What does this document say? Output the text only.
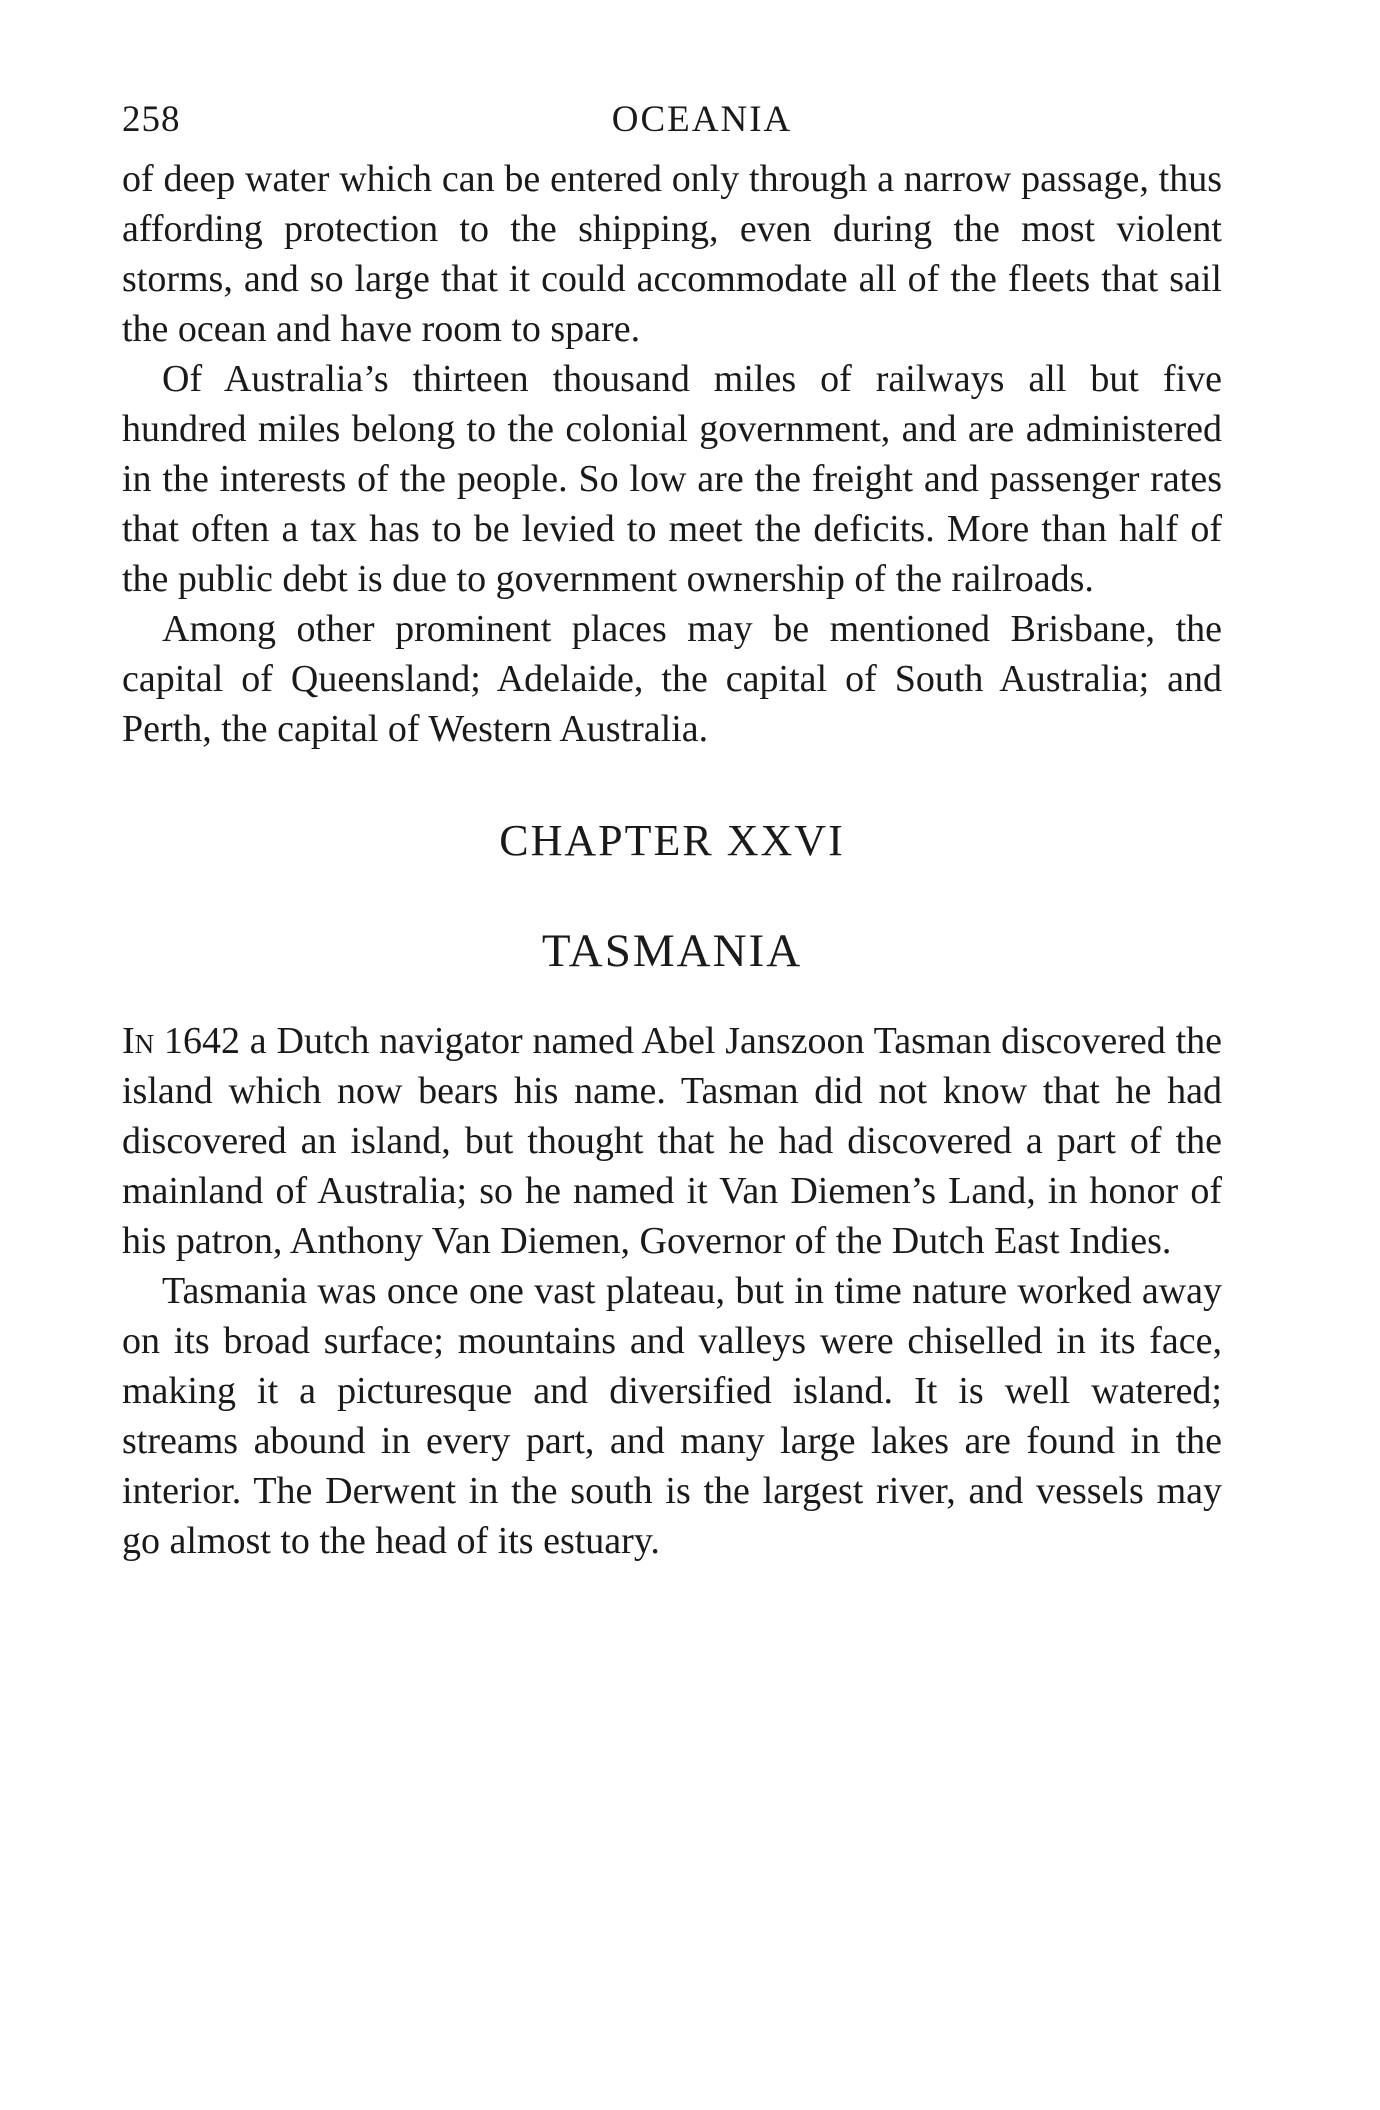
258	OCEANIA

of deep water which can be entered only through a narrow passage, thus affording protection to the shipping, even during the most violent storms, and so large that it could accommodate all of the fleets that sail the ocean and have room to spare.

Of Australia’s thirteen thousand miles of railways all but five hundred miles belong to the colonial government, and are administered in the interests of the people. So low are the freight and passenger rates that often a tax has to be levied to meet the deficits. More than half of the public debt is due to government ownership of the railroads.

Among other prominent places may be mentioned Brisbane, the capital of Queensland; Adelaide, the capital of South Australia; and Perth, the capital of Western Australia.

CHAPTER XXVI
TASMANIA

In 1642 a Dutch navigator named Abel Janszoon Tasman discovered the island which now bears his name. Tasman did not know that he had discovered an island, but thought that he had discovered a part of the mainland of Australia; so he named it Van Diemen’s Land, in honor of his patron, Anthony Van Diemen, Governor of the Dutch East Indies.

Tasmania was once one vast plateau, but in time nature worked away on its broad surface; mountains and valleys were chiselled in its face, making it a picturesque and diversified island. It is well watered; streams abound in every part, and many large lakes are found in the interior. The Derwent in the south is the largest river, and vessels may go almost to the head of its estuary.
